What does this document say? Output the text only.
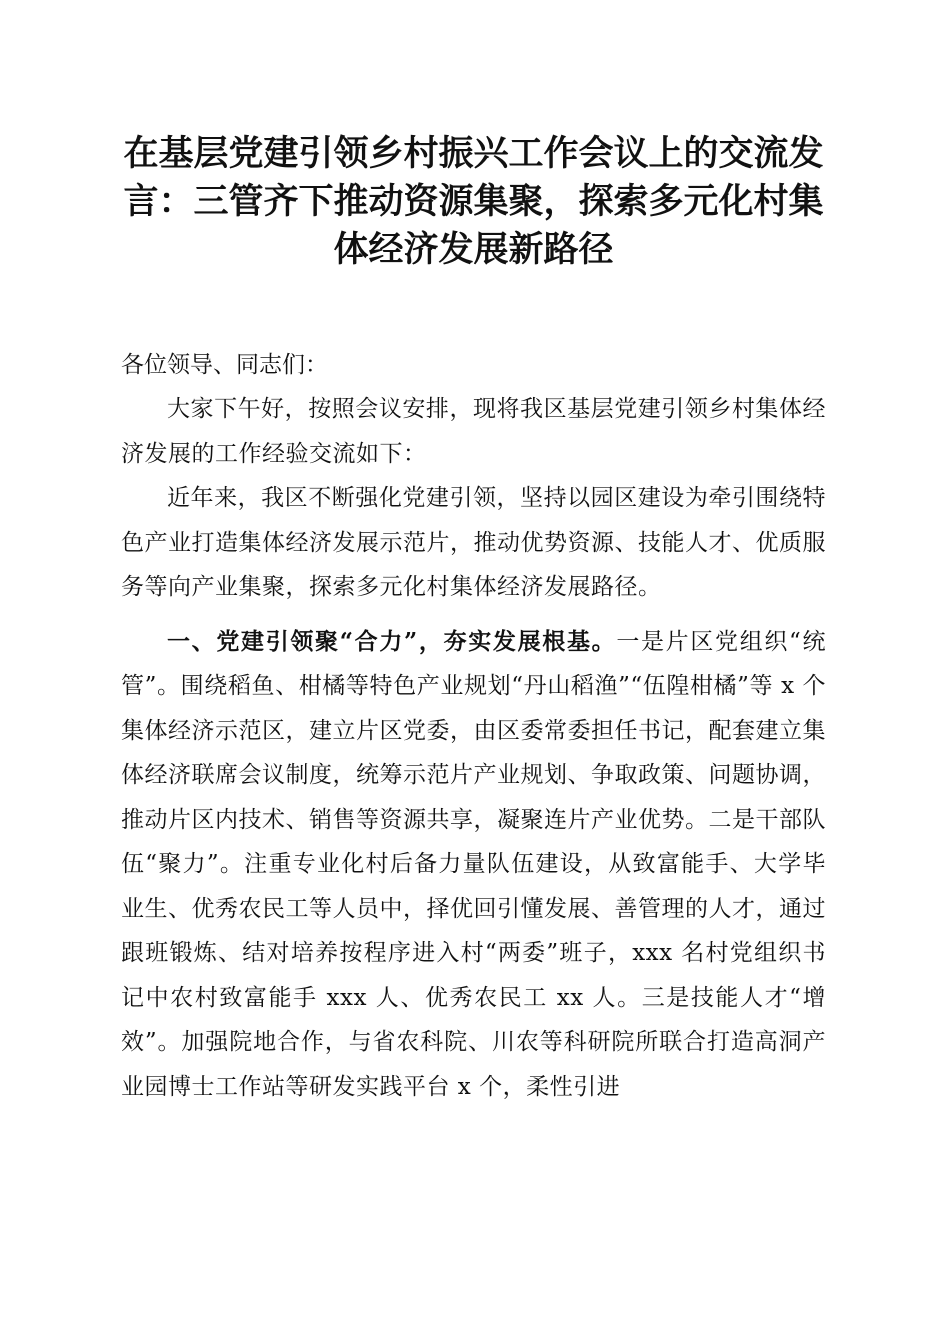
在基层党建引领乡村振兴工作会议上的交流发言：三管齐下推动资源集聚，探索多元化村集体经济发展新路径

各位领导、同志们：

大家下午好，按照会议安排，现将我区基层党建引领乡村集体经济发展的工作经验交流如下：

近年来，我区不断强化党建引领，坚持以园区建设为牵引围绕特色产业打造集体经济发展示范片，推动优势资源、技能人才、优质服务等向产业集聚，探索多元化村集体经济发展路径。

一、党建引领聚“合力”，夯实发展根基。一是片区党组织“统管”。围绕稻鱼、柑橘等特色产业规划“丹山稻渔”“伍隍柑橘”等 x 个集体经济示范区，建立片区党委，由区委常委担任书记，配套建立集体经济联席会议制度，统筹示范片产业规划、争取政策、问题协调，推动片区内技术、销售等资源共享，凝聚连片产业优势。二是干部队伍“聚力”。注重专业化村后备力量队伍建设，从致富能手、大学毕业生、优秀农民工等人员中，择优回引懂发展、善管理的人才，通过跟班锻炼、结对培养按程序进入村“两委”班子，xxx 名村党组织书记中农村致富能手 xxx 人、优秀农民工 xx 人。三是技能人才“增效”。加强院地合作，与省农科院、川农等科研院所联合打造高洞产业园博士工作站等研发实践平台 x 个，柔性引进
